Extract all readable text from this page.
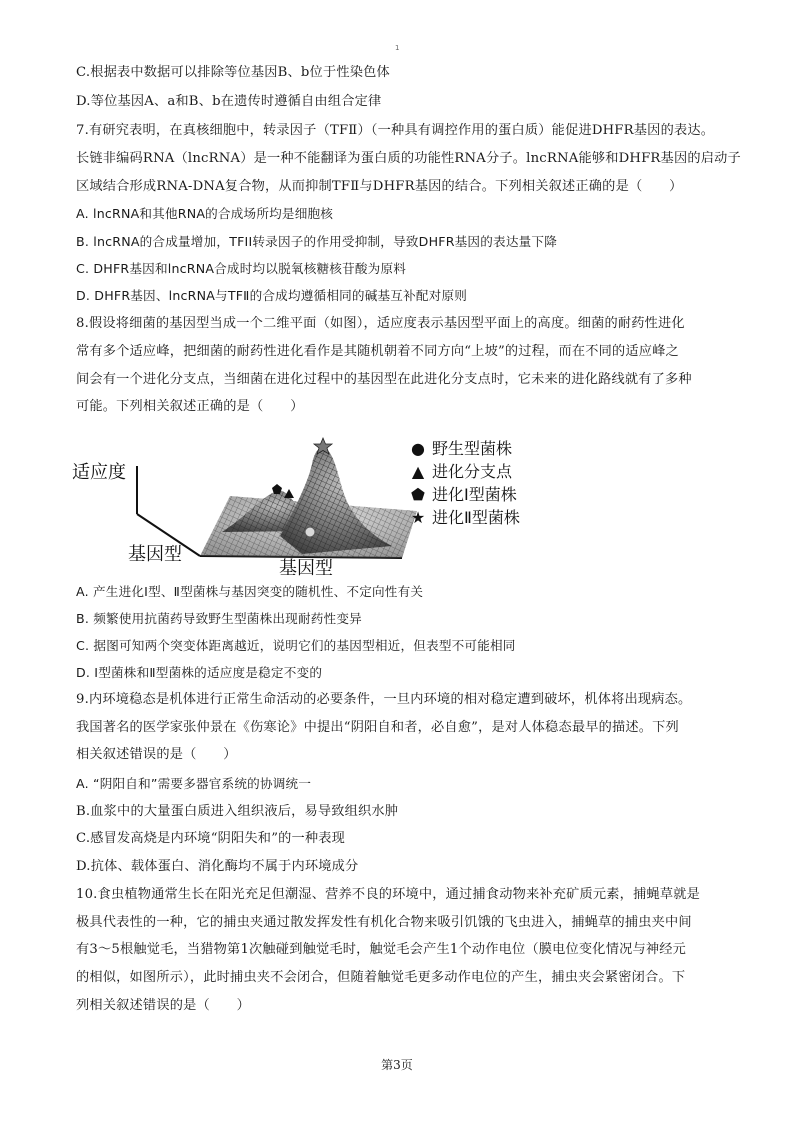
1
C.根据表中数据可以排除等位基因B、b位于性染色体
D.等位基因A、a和B、b在遗传时遵循自由组合定律
7.有研究表明，在真核细胞中，转录因子（TFⅡ）（一种具有调控作用的蛋白质）能促进DHFR基因的表达。
长链非编码RNA（lncRNA）是一种不能翻译为蛋白质的功能性RNA分子。lncRNA能够和DHFR基因的启动子
区域结合形成RNA-DNA复合物，从而抑制TFⅡ与DHFR基因的结合。下列相关叙述正确的是（　　）
A. lncRNA和其他RNA的合成场所均是细胞核
B. lncRNA的合成量增加，TFII转录因子的作用受抑制，导致DHFR基因的表达量下降
C. DHFR基因和lncRNA合成时均以脱氧核糖核苷酸为原料
D. DHFR基因、lncRNA与TFⅡ的合成均遵循相同的碱基互补配对原则
8.假设将细菌的基因型当成一个二维平面（如图），适应度表示基因型平面上的高度。细菌的耐药性进化
常有多个适应峰，把细菌的耐药性进化看作是其随机朝着不同方向“上坡”的过程，而在不同的适应峰之
间会有一个进化分支点，当细菌在进化过程中的基因型在此进化分支点时，它未来的进化路线就有了多种
可能。下列相关叙述正确的是（　　）
适应度
基因型
基因型
● 野生型菌株
▲ 进化分支点
⬟ 进化Ⅰ型菌株
★ 进化Ⅱ型菌株
A. 产生进化Ⅰ型、Ⅱ型菌株与基因突变的随机性、不定向性有关
B. 频繁使用抗菌药导致野生型菌株出现耐药性变异
C. 据图可知两个突变体距离越近，说明它们的基因型相近，但表型不可能相同
D. Ⅰ型菌株和Ⅱ型菌株的适应度是稳定不变的
9.内环境稳态是机体进行正常生命活动的必要条件，一旦内环境的相对稳定遭到破坏，机体将出现病态。
我国著名的医学家张仲景在《伤寒论》中提出“阴阳自和者，必自愈”，是对人体稳态最早的描述。下列
相关叙述错误的是（　　）
A. “阴阳自和”需要多器官系统的协调统一
B.血浆中的大量蛋白质进入组织液后，易导致组织水肿
C.感冒发高烧是内环境“阴阳失和”的一种表现
D.抗体、载体蛋白、消化酶均不属于内环境成分
10.食虫植物通常生长在阳光充足但潮湿、营养不良的环境中，通过捕食动物来补充矿质元素，捕蝇草就是
极具代表性的一种，它的捕虫夹通过散发挥发性有机化合物来吸引饥饿的飞虫进入，捕蝇草的捕虫夹中间
有3～5根触觉毛，当猎物第1次触碰到触觉毛时，触觉毛会产生1个动作电位（膜电位变化情况与神经元
的相似，如图所示），此时捕虫夹不会闭合，但随着触觉毛更多动作电位的产生，捕虫夹会紧密闭合。下
列相关叙述错误的是（　　）
第3页
